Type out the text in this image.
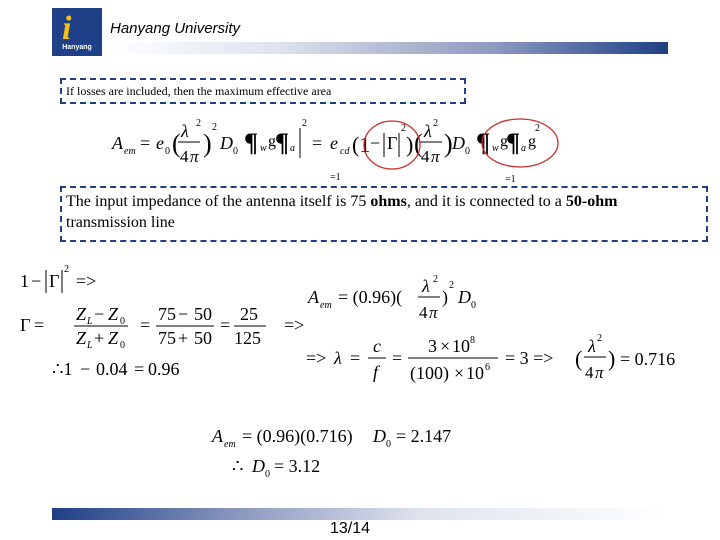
i
Hanyang
Hanyang University
If losses are included, then the maximum effective area
The input impedance of the antenna itself is 75 ohms, and it is connected to a 50-ohm transmission line
A em = e 0 ( λ
4 π
2
)
2
D 0 ¶ w g ¶ a
2
= e cd (1 − Γ
2
) ( λ
4 π
2
) D 0 ¶ w g
¶ a g
2
=1	=1
1 − Γ
2
=>
Γ =
Z L − Z 0
Z L + Z 0
=
75 − 50
75 + 50
=
25
125
=>
∴1 − 0.04 = 0.96
A em = (0.96)(
λ
4 π
2
)
2
D 0
=> λ =
c
f
=
3 × 10 8
(100) × 10 6 = 3 => ( λ
4 π
2
) = 0.716
A em = (0.96)(0.716) D 0 = 2.147
∴ D 0 = 3.12
13/14
